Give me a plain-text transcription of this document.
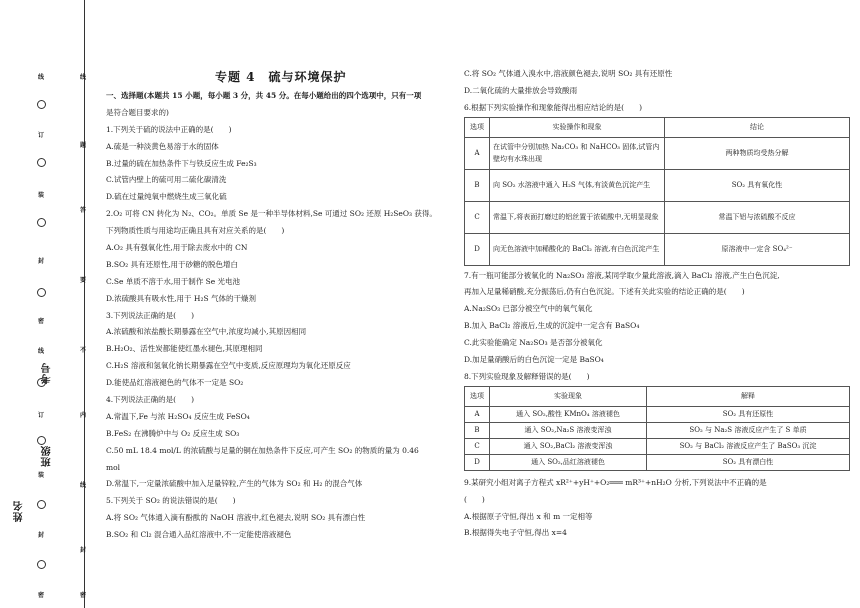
姓名
班级
考号
线
题
答
要
不
内
线
封
密
线
订
装
封
密
线
订
装
封
密
专题 4　硫与环境保护
一、选择题(本题共 15 小题，每小题 3 分，共 45 分。在每小题给出的四个选项中，只有一项
是符合题目要求的)
1.下列关于硫的说法中正确的是(　　)
A.硫是一种淡黄色易溶于水的固体
B.过量的硫在加热条件下与铁反应生成 Fe₂S₃
C.试管内壁上的硫可用二硫化碳清洗
D.硫在过量纯氧中燃烧生成三氧化硫
2.O₂ 可将 CN 转化为 N₂、CO₂。单质 Se 是一种半导体材料,Se 可通过 SO₂ 还原 H₂SeO₃ 获得。
下列物质性质与用途均正确且具有对应关系的是(　　)
A.O₂ 具有强氧化性,用于除去废水中的 CN
B.SO₂ 具有还原性,用于砂糖的脱色增白
C.Se 单质不溶于水,用于制作 Se 光电池
D.浓硫酸具有吸水性,用于 H₂S 气体的干燥剂
3.下列说法正确的是(　　)
A.浓硫酸和浓盐酸长期暴露在空气中,浓度均减小,其原因相同
B.H₂O₂、活性炭都能使红墨水褪色,其原理相同
C.H₂S 溶液和氢氧化钠长期暴露在空气中变质,反应原理均为氧化还原反应
D.能使品红溶液褪色的气体不一定是 SO₂
4.下列说法正确的是(　　)
A.常温下,Fe 与浓 H₂SO₄ 反应生成 FeSO₄
B.FeS₂ 在沸腾炉中与 O₂ 反应生成 SO₃
C.50 mL 18.4 mol/L 的浓硫酸与足量的铜在加热条件下反应,可产生 SO₂ 的物质的量为 0.46
mol
D.常温下,一定量浓硫酸中加入足量锌粒,产生的气体为 SO₂ 和 H₂ 的混合气体
5.下列关于 SO₂ 的说法错误的是(　　)
A.将 SO₂ 气体通入滴有酚酞的 NaOH 溶液中,红色褪去,说明 SO₂ 具有漂白性
B.SO₂ 和 Cl₂ 混合通入品红溶液中,不一定能使溶液褪色
C.将 SO₂ 气体通入溴水中,溶液颜色褪去,说明 SO₂ 具有还原性
D.二氧化硫的大量排放会导致酸雨
6.根据下列实验操作和现象能得出相应结论的是(　　)
选项	实验操作和现象	结论
A	在试管中分别加热 Na₂CO₃ 和 NaHCO₃ 固体,试管内壁均有水珠出现	两种物质均受热分解
B	向 SO₂ 水溶液中通入 H₂S 气体,有淡黄色沉淀产生	SO₂ 具有氧化性
C	常温下,将表面打磨过的铝丝置于浓硫酸中,无明显现象	常温下铝与浓硫酸不反应
D	向无色溶液中加稀酸化的 BaCl₂ 溶液,有白色沉淀产生	原溶液中一定含 SO₄²⁻
7.有一瓶可能部分被氧化的 Na₂SO₃ 溶液,某同学取少量此溶液,滴入 BaCl₂ 溶液,产生白色沉淀,
再加入足量稀硝酸,充分振荡后,仍有白色沉淀。下述有关此实验的结论正确的是(　　)
A.Na₂SO₃ 已部分被空气中的氧气氧化
B.加入 BaCl₂ 溶液后,生成的沉淀中一定含有 BaSO₄
C.此实验能确定 Na₂SO₃ 是否部分被氧化
D.加足量硝酸后的白色沉淀一定是 BaSO₄
8.下列实验现象及解释错误的是(　　)
选项	实验现象	解释
A	通入 SO₂,酸性 KMnO₄ 溶液褪色	SO₂ 具有还原性
B	通入 SO₂,Na₂S 溶液变浑浊	SO₂ 与 Na₂S 溶液反应产生了 S 单质
C	通入 SO₂,BaCl₂ 溶液变浑浊	SO₂ 与 BaCl₂ 溶液反应产生了 BaSO₃ 沉淀
D	通入 SO₂,品红溶液褪色	SO₂ 具有漂白性
9.某研究小组对离子方程式 xR²⁺+yH⁺+O₂═══ mR³⁺+nH₂O 分析,下列说法中不正确的是
(　　)
A.根据原子守恒,得出 x 和 m 一定相等
B.根据得失电子守恒,得出 x=4
